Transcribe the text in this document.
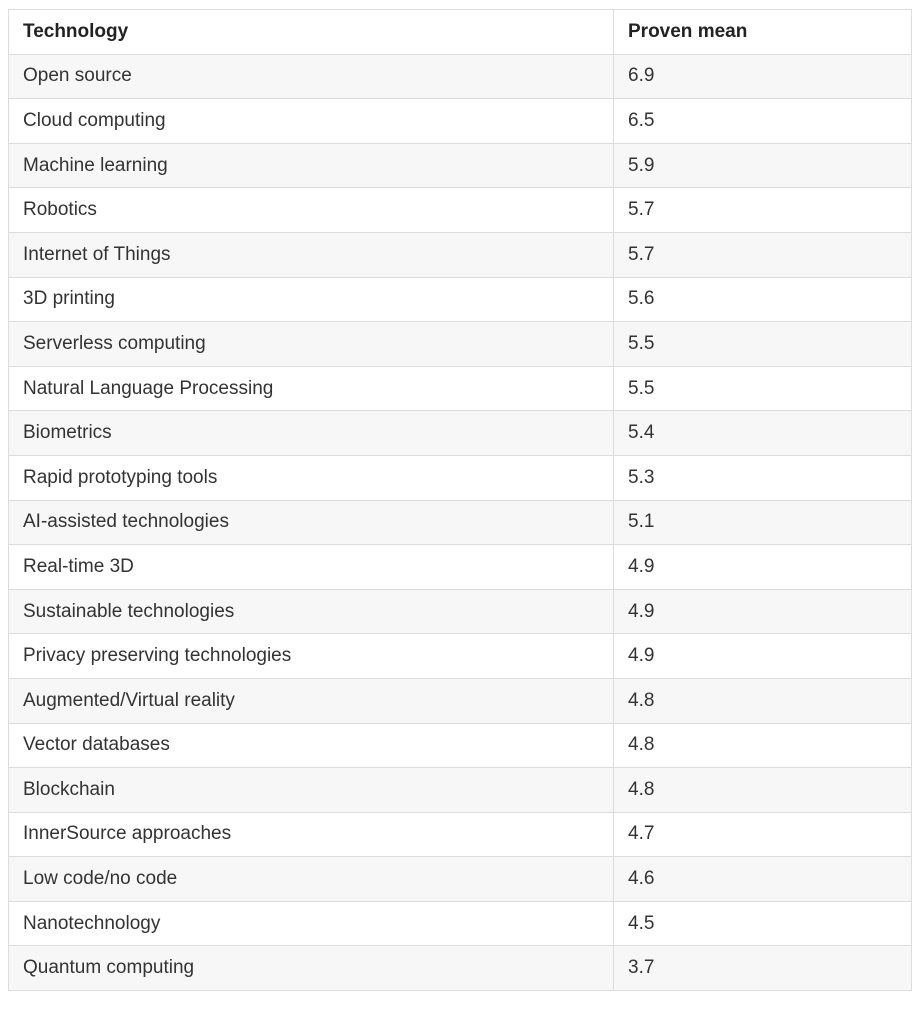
Technology	Proven mean
Open source	6.9
Cloud computing	6.5
Machine learning	5.9
Robotics	5.7
Internet of Things	5.7
3D printing	5.6
Serverless computing	5.5
Natural Language Processing	5.5
Biometrics	5.4
Rapid prototyping tools	5.3
AI-assisted technologies	5.1
Real-time 3D	4.9
Sustainable technologies	4.9
Privacy preserving technologies	4.9
Augmented/Virtual reality	4.8
Vector databases	4.8
Blockchain	4.8
InnerSource approaches	4.7
Low code/no code	4.6
Nanotechnology	4.5
Quantum computing	3.7
